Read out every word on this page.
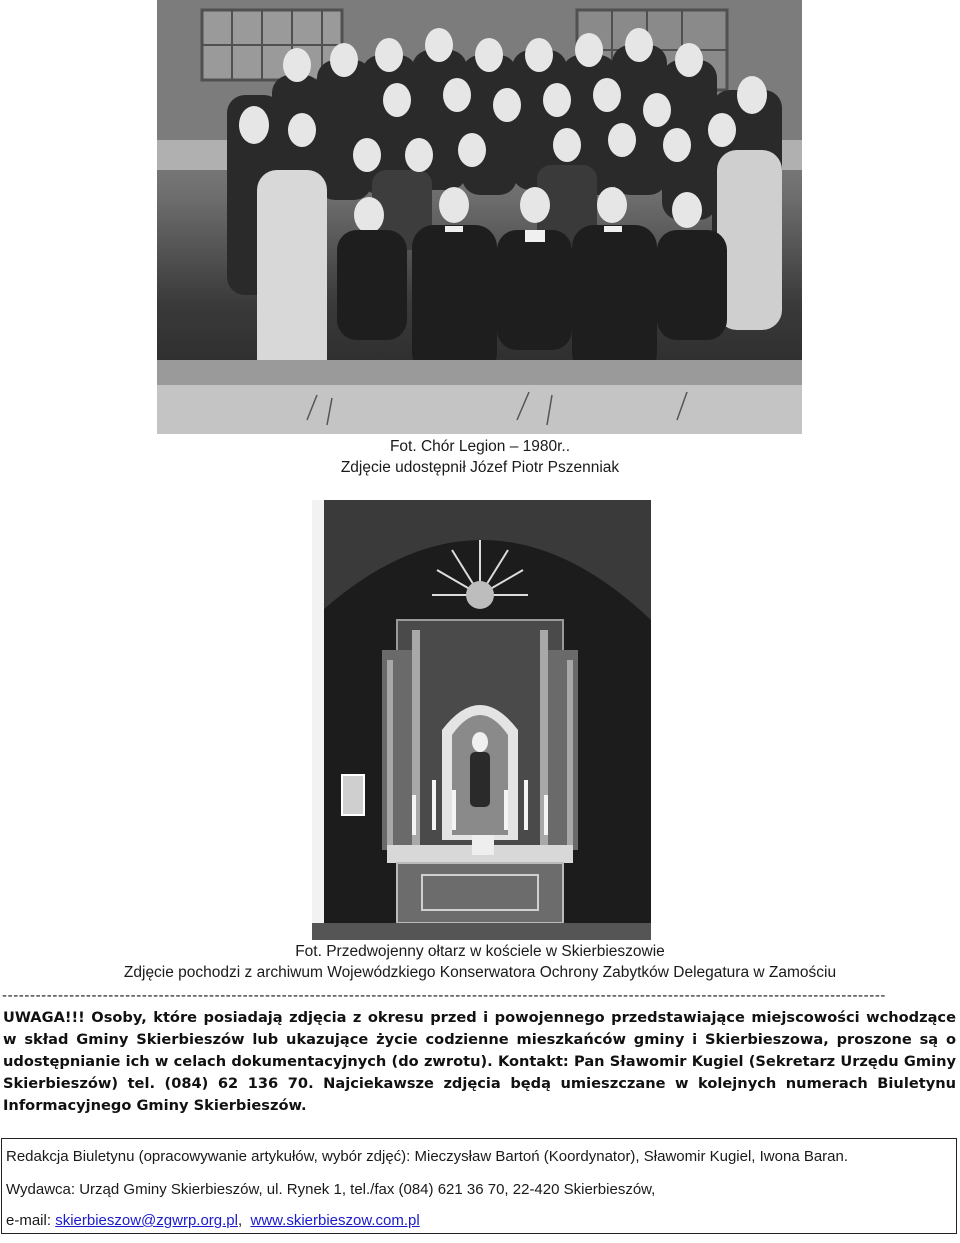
Fot. Chór Legion – 1980r..
Zdjęcie udostępnił Józef Piotr Pszenniak
Fot. Przedwojenny ołtarz w kościele w Skierbieszowie
Zdjęcie pochodzi z archiwum Wojewódzkiego Konserwatora Ochrony Zabytków Delegatura w Zamościu
--------------------------------------------------------------------------------------------------------------------------------------------------------------

UWAGA!!! Osoby, które posiadają zdjęcia z okresu przed i powojennego przedstawiające miejscowości wchodzące w skład Gminy Skierbieszów lub ukazujące życie codzienne mieszkańców gminy i Skierbieszowa, proszone są o udostępnianie ich w celach dokumentacyjnych (do zwrotu). Kontakt: Pan Sławomir Kugiel (Sekretarz Urzędu Gminy Skierbieszów) tel. (084) 62 136 70. Najciekawsze zdjęcia będą umieszczane w kolejnych numerach Biuletynu Informacyjnego Gminy Skierbieszów.

Redakcja Biuletynu (opracowywanie artykułów, wybór zdjęć): Mieczysław Bartoń (Koordynator), Sławomir Kugiel, Iwona Baran.
Wydawca: Urząd Gminy Skierbieszów, ul. Rynek 1, tel./fax (084) 621 36 70, 22-420 Skierbieszów,
e-mail: skierbieszow@zgwrp.org.pl,  www.skierbieszow.com.pl
